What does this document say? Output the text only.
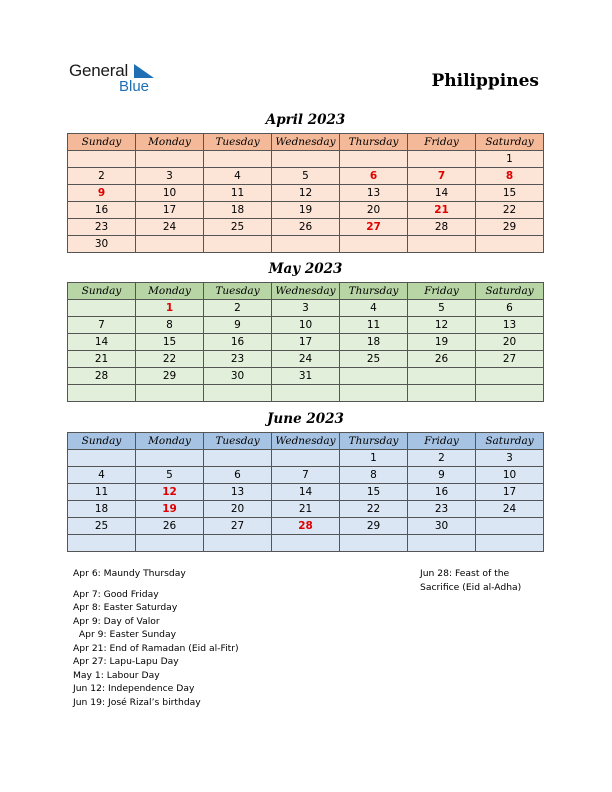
General
Blue	Philippines
April 2023
Sunday	Monday	Tuesday	Wednesday	Thursday	Friday	Saturday
						1
2	3	4	5	6	7	8
9	10	11	12	13	14	15
16	17	18	19	20	21	22
23	24	25	26	27	28	29
30						
May 2023
Sunday	Monday	Tuesday	Wednesday	Thursday	Friday	Saturday
	1	2	3	4	5	6
7	8	9	10	11	12	13
14	15	16	17	18	19	20
21	22	23	24	25	26	27
28	29	30	31			

June 2023
Sunday	Monday	Tuesday	Wednesday	Thursday	Friday	Saturday
				1	2	3
4	5	6	7	8	9	10
11	12	13	14	15	16	17
18	19	20	21	22	23	24
25	26	27	28	29	30	

Apr 6: Maundy Thursday
Apr 7: Good Friday
Apr 8: Easter Saturday
Apr 9: Day of Valor
Apr 9: Easter Sunday
Apr 21: End of Ramadan (Eid al-Fitr)
Apr 27: Lapu-Lapu Day
May 1: Labour Day
Jun 12: Independence Day
Jun 19: José Rizal’s birthday
Jun 28: Feast of the
Sacrifice (Eid al-Adha)
